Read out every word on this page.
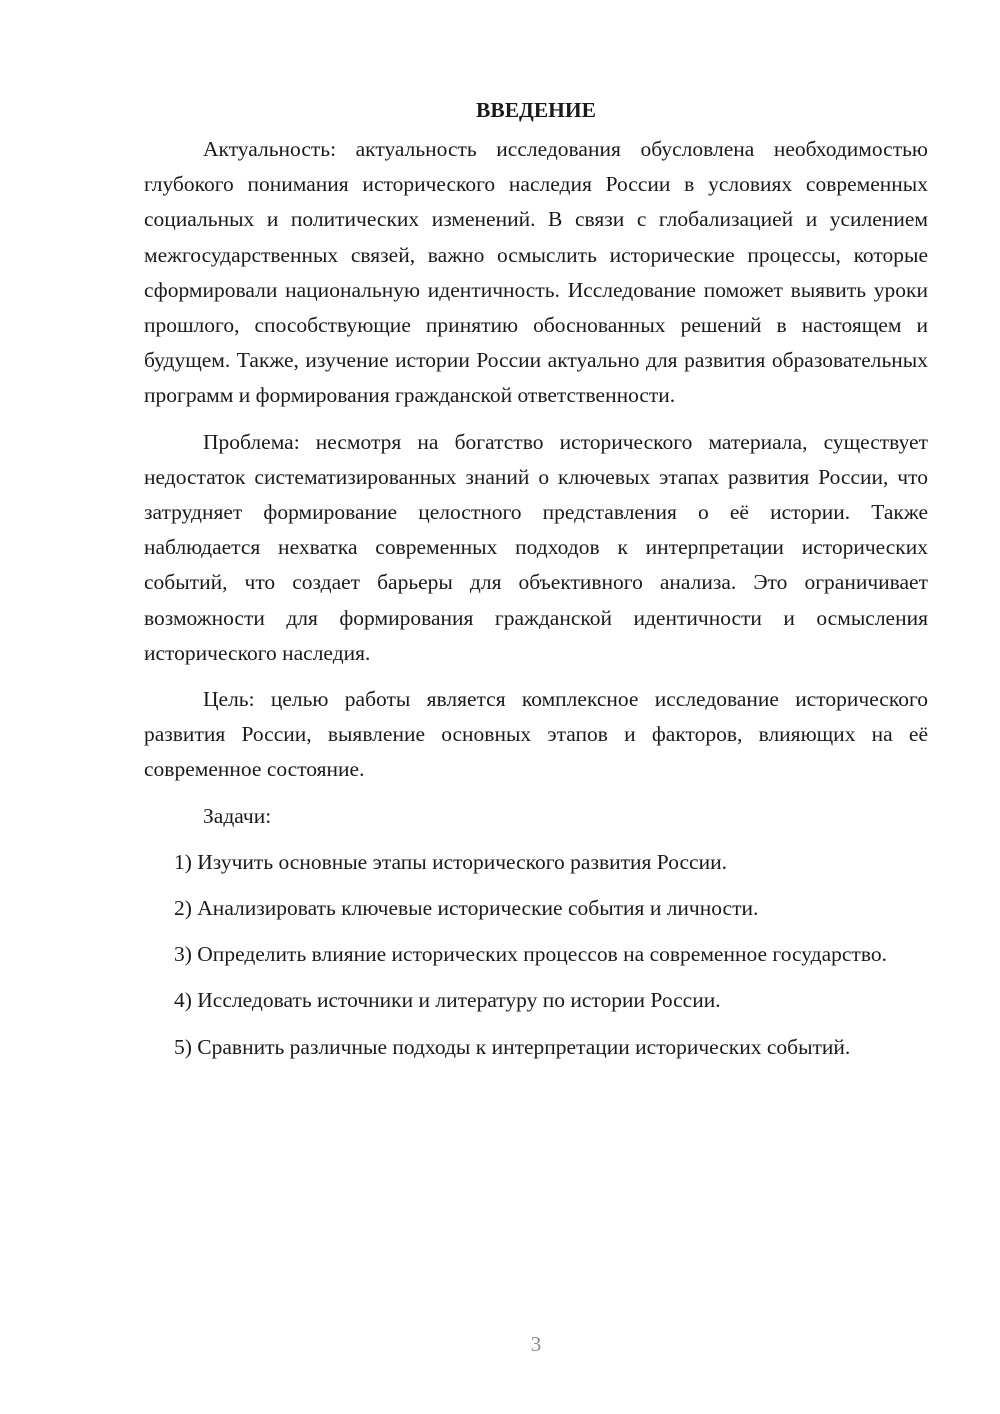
ВВЕДЕНИЕ

Актуальность: актуальность исследования обусловлена необходимостью глубокого понимания исторического наследия России в условиях современных социальных и политических изменений. В связи с глобализацией и усилением межгосударственных связей, важно осмыслить исторические процессы, которые сформировали национальную идентичность. Исследование поможет выявить уроки прошлого, способствующие принятию обоснованных решений в настоящем и будущем. Также, изучение истории России актуально для развития образовательных программ и формирования гражданской ответственности.

Проблема: несмотря на богатство исторического материала, существует недостаток систематизированных знаний о ключевых этапах развития России, что затрудняет формирование целостного представления о её истории. Также наблюдается нехватка современных подходов к интерпретации исторических событий, что создает барьеры для объективного анализа. Это ограничивает возможности для формирования гражданской идентичности и осмысления исторического наследия.

Цель: целью работы является комплексное исследование исторического развития России, выявление основных этапов и факторов, влияющих на её современное состояние.

Задачи:

1) Изучить основные этапы исторического развития России.

2) Анализировать ключевые исторические события и личности.

3) Определить влияние исторических процессов на современное государство.

4) Исследовать источники и литературу по истории России.

5) Сравнить различные подходы к интерпретации исторических событий.

3
